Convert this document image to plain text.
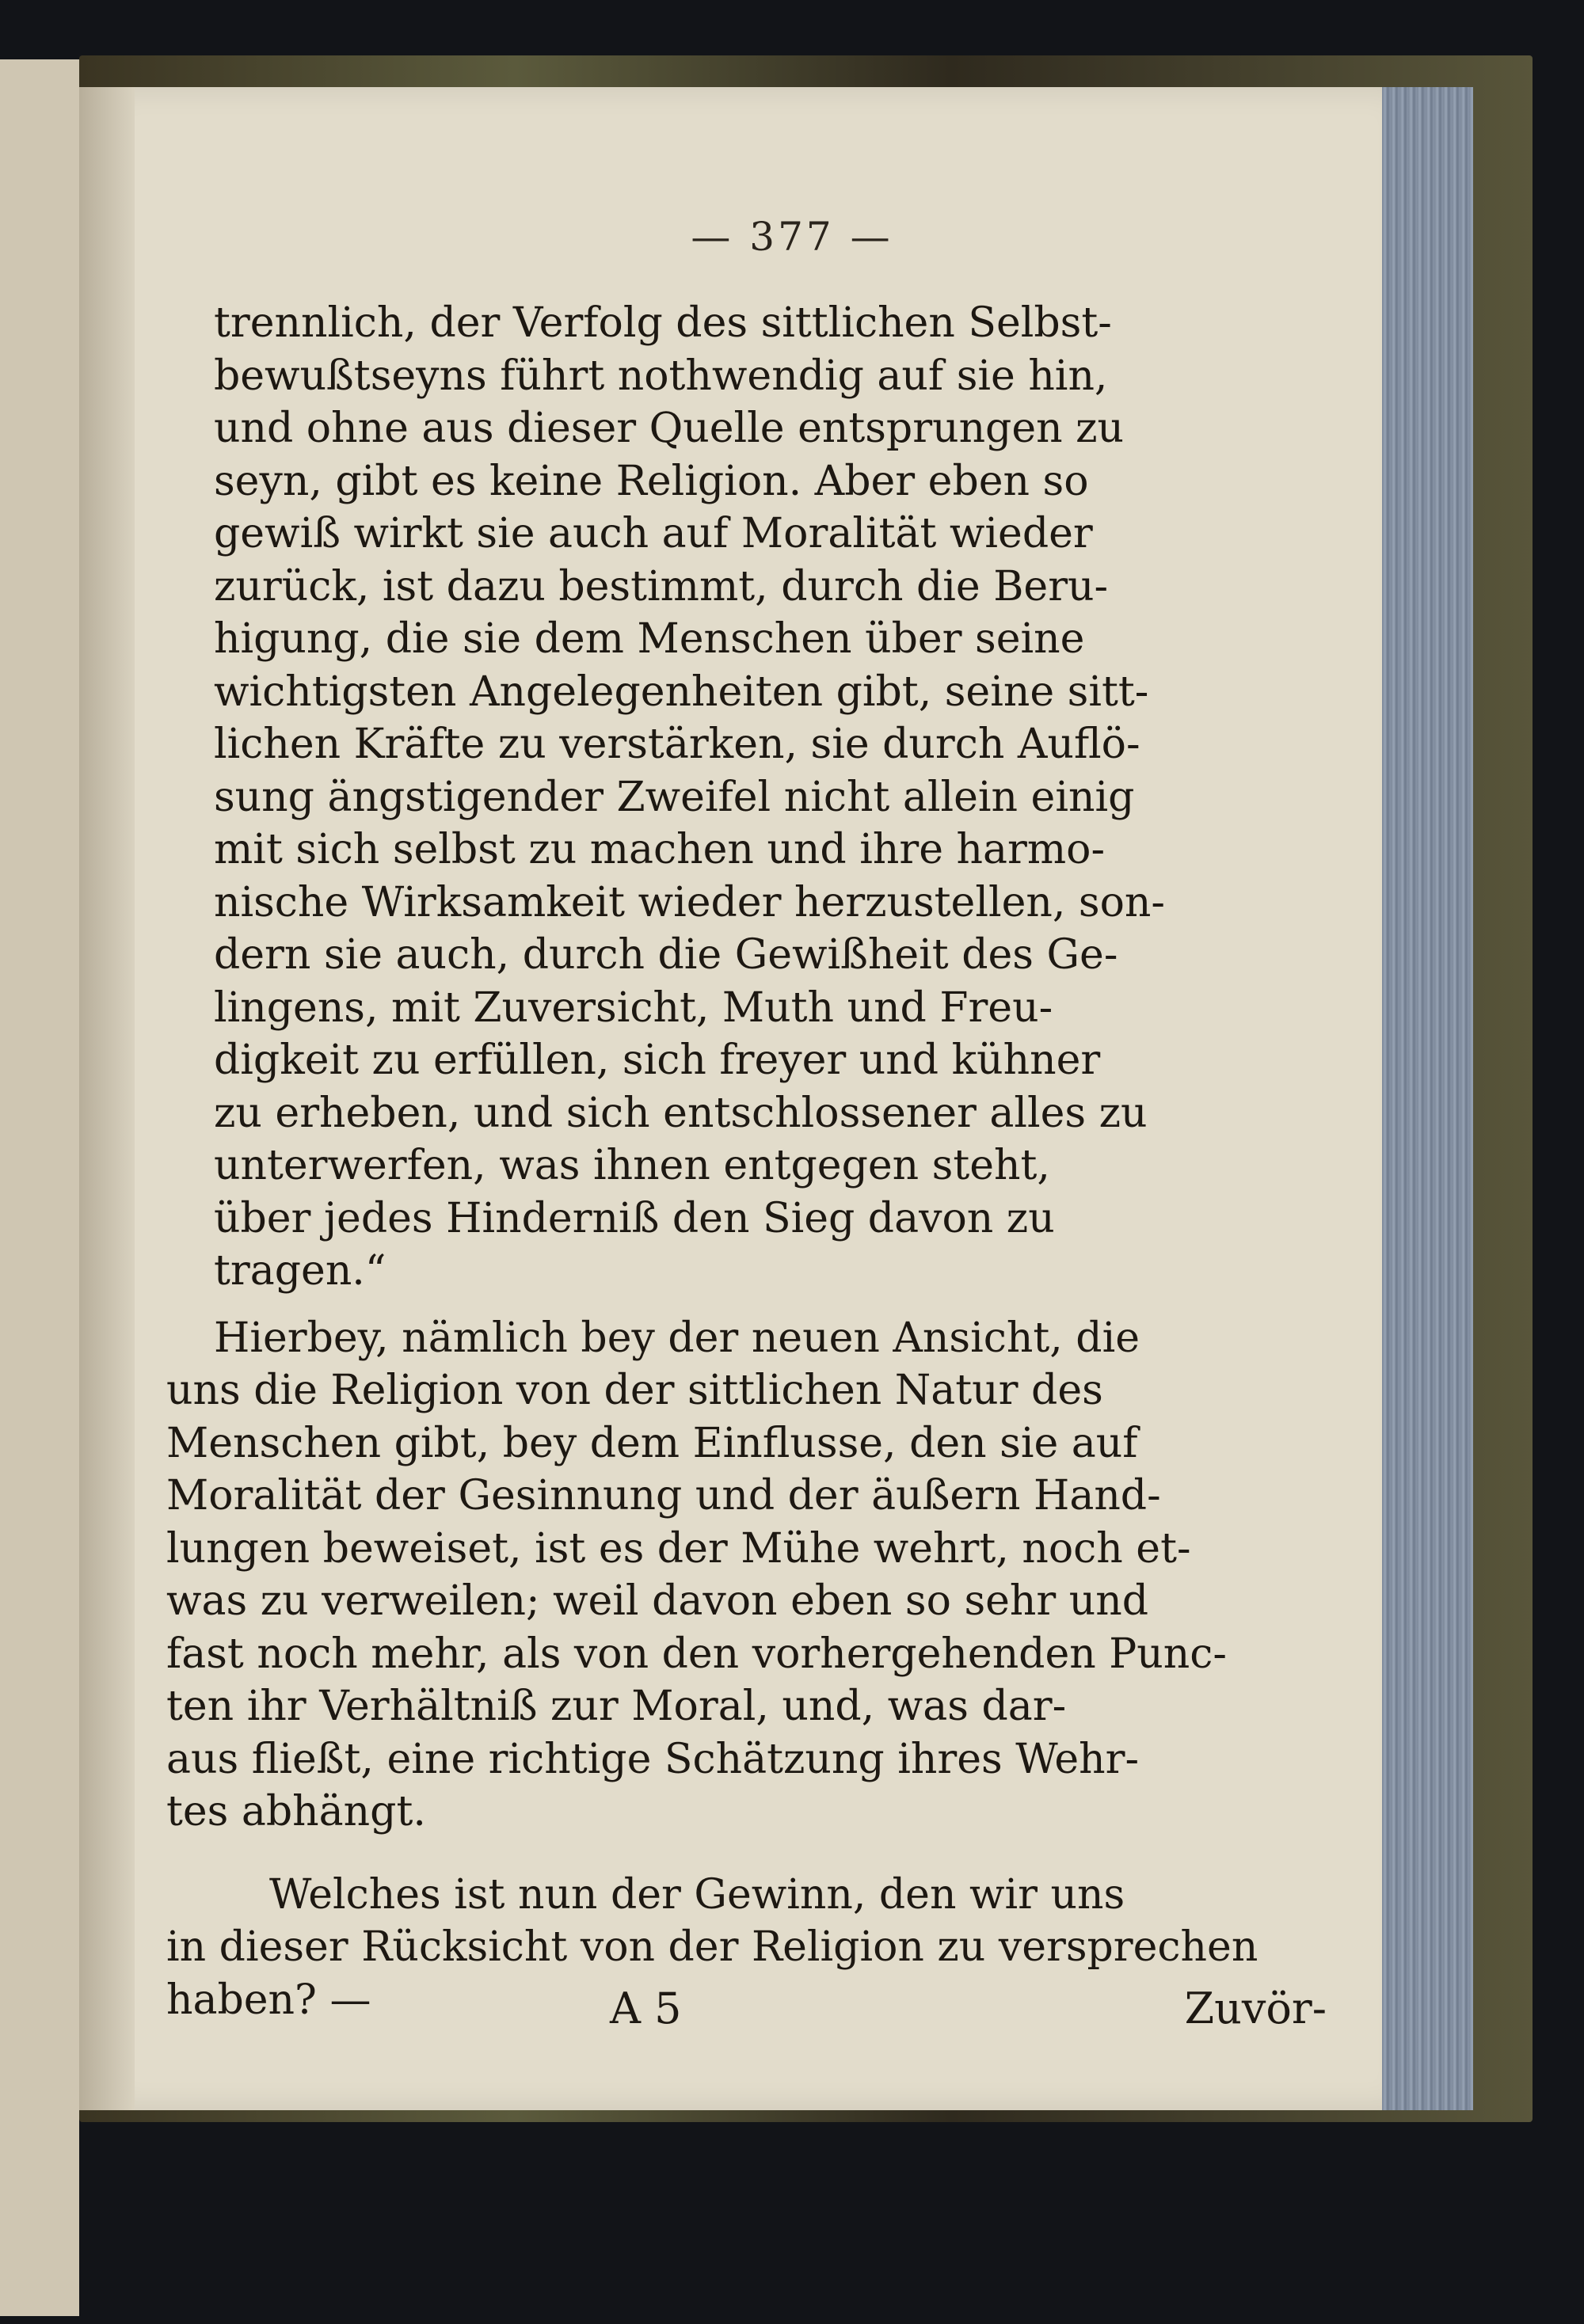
— 377 —
trennlich, der Verfolg des sittlichen Selbst-
bewußtseyns führt nothwendig auf sie hin,
und ohne aus dieser Quelle entsprungen zu
seyn, gibt es keine Religion. Aber eben so
gewiß wirkt sie auch auf Moralität wieder
zurück, ist dazu bestimmt, durch die Beru-
higung, die sie dem Menschen über seine
wichtigsten Angelegenheiten gibt, seine sitt-
lichen Kräfte zu verstärken, sie durch Auflö-
sung ängstigender Zweifel nicht allein einig
mit sich selbst zu machen und ihre harmo-
nische Wirksamkeit wieder herzustellen, son-
dern sie auch, durch die Gewißheit des Ge-
lingens, mit Zuversicht, Muth und Freu-
digkeit zu erfüllen, sich freyer und kühner
zu erheben, und sich entschlossener alles zu
unterwerfen, was ihnen entgegen steht,
über jedes Hinderniß den Sieg davon zu
tragen.“
Hierbey, nämlich bey der neuen Ansicht, die
uns die Religion von der sittlichen Natur des
Menschen gibt, bey dem Einflusse, den sie auf
Moralität der Gesinnung und der äußern Hand-
lungen beweiset, ist es der Mühe wehrt, noch et-
was zu verweilen; weil davon eben so sehr und
fast noch mehr, als von den vorhergehenden Punc-
ten ihr Verhältniß zur Moral, und, was dar-
aus fließt, eine richtige Schätzung ihres Wehr-
tes abhängt.
Welches ist nun der Gewinn, den wir uns
in dieser Rücksicht von der Religion zu versprechen
haben? —	A 5	Zuvör-
